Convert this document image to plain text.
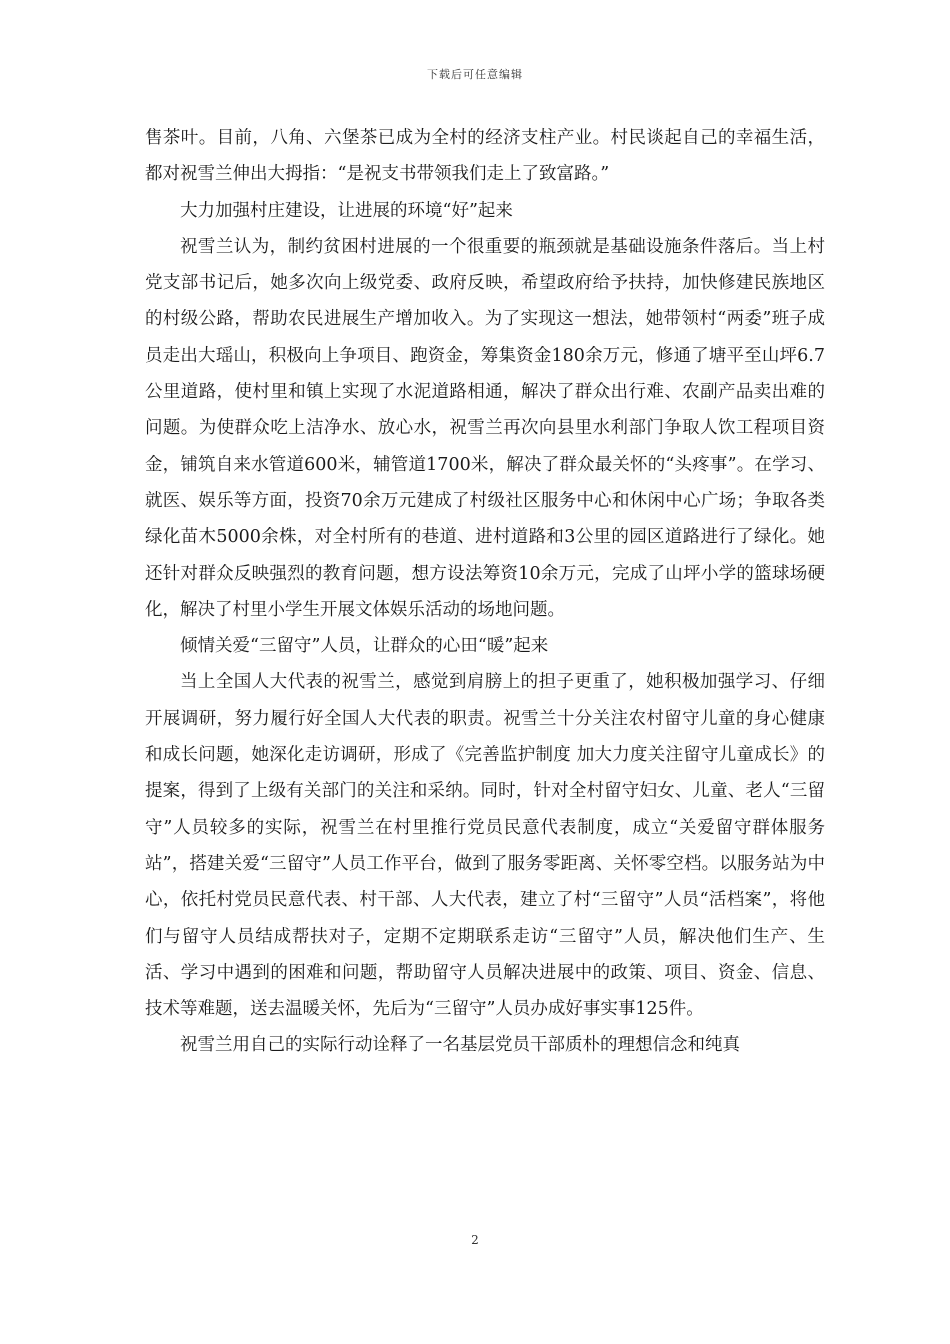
下载后可任意编辑

售茶叶。目前，八角、六堡茶已成为全村的经济支柱产业。村民谈起自己的幸福生活，都对祝雪兰伸出大拇指：“是祝支书带领我们走上了致富路。”

大力加强村庄建设，让进展的环境“好”起来

祝雪兰认为，制约贫困村进展的一个很重要的瓶颈就是基础设施条件落后。当上村党支部书记后，她多次向上级党委、政府反映，希望政府给予扶持，加快修建民族地区的村级公路，帮助农民进展生产增加收入。为了实现这一想法，她带领村“两委”班子成员走出大瑶山，积极向上争项目、跑资金，筹集资金180余万元，修通了塘平至山坪6.7公里道路，使村里和镇上实现了水泥道路相通，解决了群众出行难、农副产品卖出难的问题。为使群众吃上洁净水、放心水，祝雪兰再次向县里水利部门争取人饮工程项目资金，铺筑自来水管道600米，辅管道1700米，解决了群众最关怀的“头疼事”。在学习、就医、娱乐等方面，投资70余万元建成了村级社区服务中心和休闲中心广场；争取各类绿化苗木5000余株，对全村所有的巷道、进村道路和3公里的园区道路进行了绿化。她还针对群众反映强烈的教育问题，想方设法筹资10余万元，完成了山坪小学的篮球场硬化，解决了村里小学生开展文体娱乐活动的场地问题。

倾情关爱“三留守”人员，让群众的心田“暖”起来

当上全国人大代表的祝雪兰，感觉到肩膀上的担子更重了，她积极加强学习、仔细开展调研，努力履行好全国人大代表的职责。祝雪兰十分关注农村留守儿童的身心健康和成长问题，她深化走访调研，形成了《完善监护制度 加大力度关注留守儿童成长》的提案，得到了上级有关部门的关注和采纳。同时，针对全村留守妇女、儿童、老人“三留守”人员较多的实际，祝雪兰在村里推行党员民意代表制度，成立“关爱留守群体服务站”，搭建关爱“三留守”人员工作平台，做到了服务零距离、关怀零空档。以服务站为中心，依托村党员民意代表、村干部、人大代表，建立了村“三留守”人员“活档案”，将他们与留守人员结成帮扶对子，定期不定期联系走访“三留守”人员，解决他们生产、生活、学习中遇到的困难和问题，帮助留守人员解决进展中的政策、项目、资金、信息、技术等难题，送去温暖关怀，先后为“三留守”人员办成好事实事125件。

祝雪兰用自己的实际行动诠释了一名基层党员干部质朴的理想信念和纯真

2
